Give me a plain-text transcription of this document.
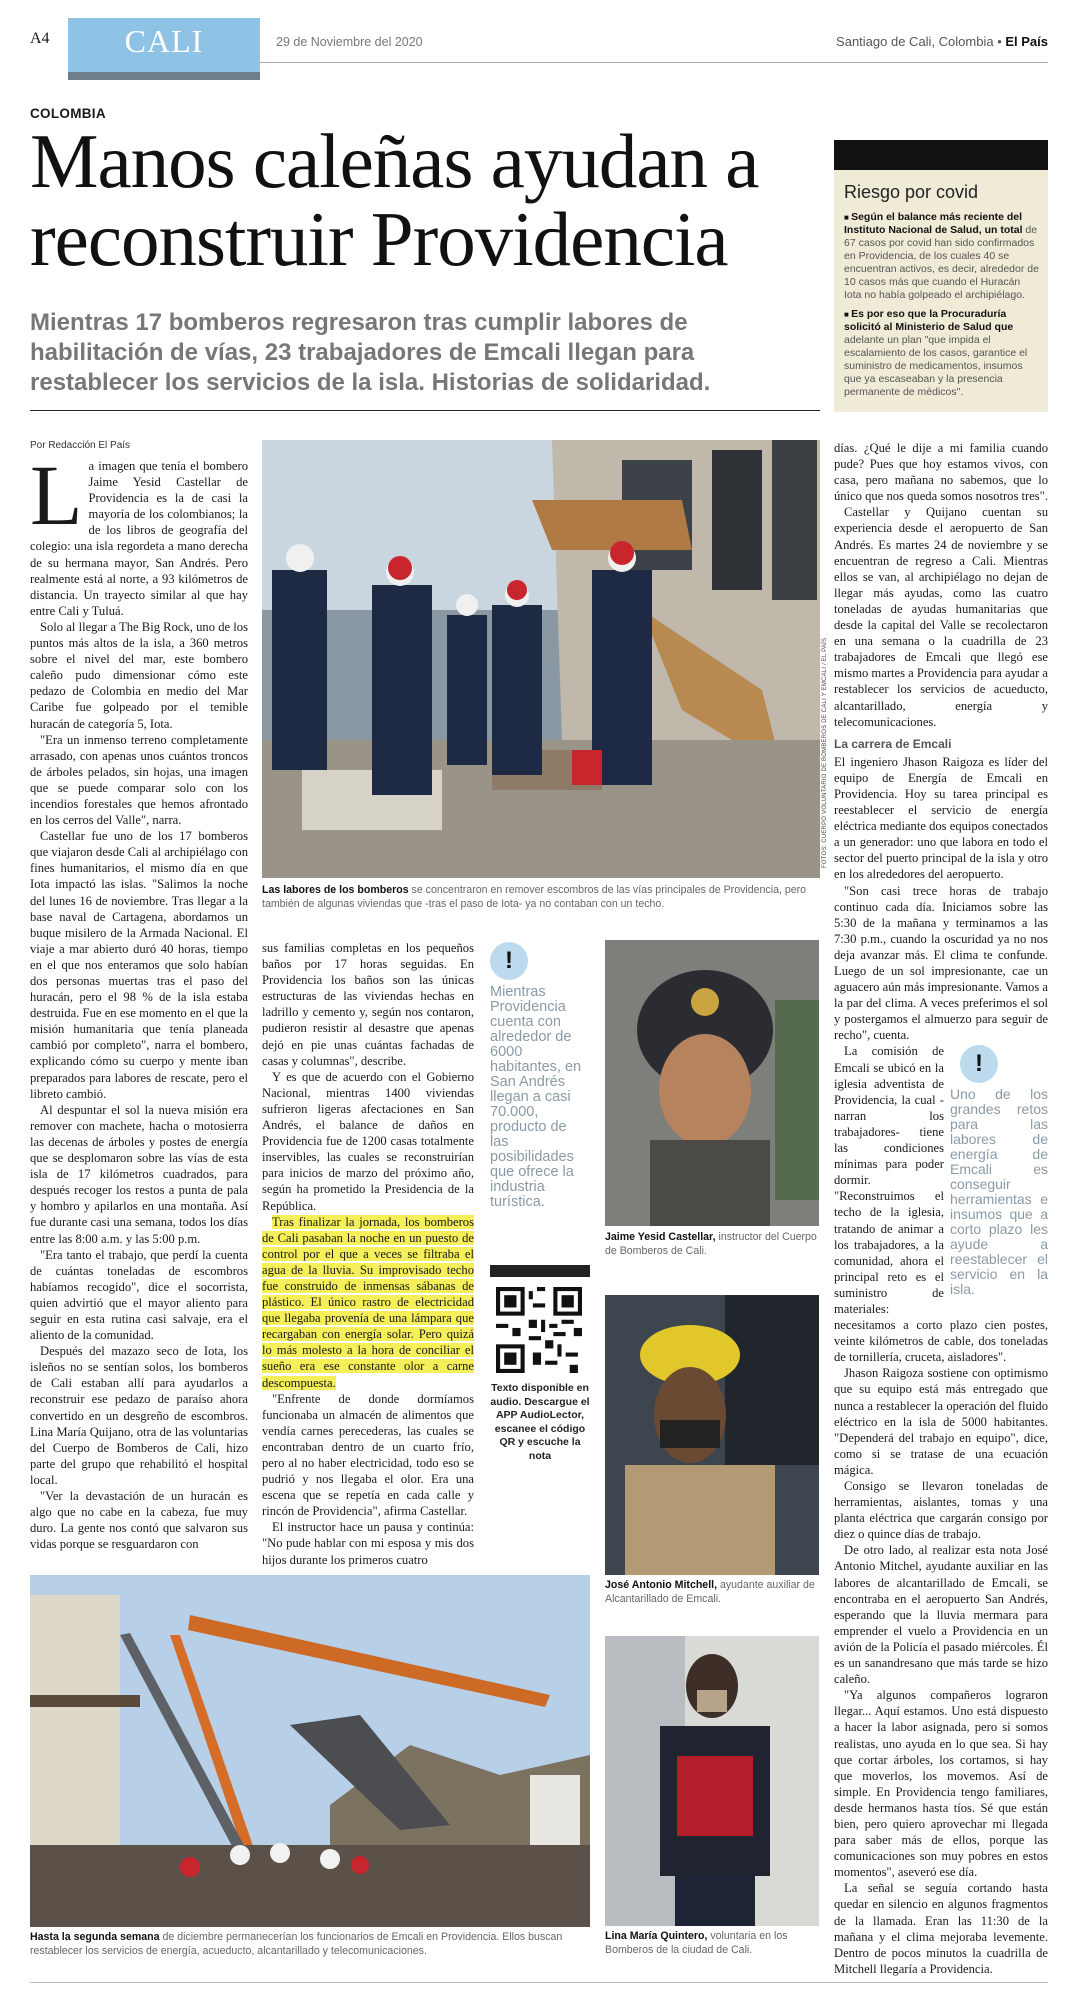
A4	CALI	29 de Noviembre del 2020	Santiago de Cali, Colombia • El País
COLOMBIA
Manos caleñas ayudan a reconstruir Providencia
Mientras 17 bomberos regresaron tras cumplir labores de habilitación de vías, 23 trabajadores de Emcali llegan para restablecer los servicios de la isla. Historias de solidaridad.
Riesgo por covid
■ Según el balance más reciente del Instituto Nacional de Salud, un total de 67 casos por covid han sido confirmados en Providencia, de los cuales 40 se encuentran activos, es decir, alrededor de 10 casos más que cuando el Huracán Iota no había golpeado el archipiélago.
■ Es por eso que la Procuraduría solicitó al Ministerio de Salud que adelante un plan "que impida el escalamiento de los casos, garantice el suministro de medicamentos, insumos que ya escaseaban y la presencia permanente de médicos".
Por Redacción El País
L a imagen que tenía el bombero Jaime Yesid Castellar de Providencia es la de casi la mayoría de los colombianos; la de los libros de geografía del colegio: una isla regordeta a mano derecha de su hermana mayor, San Andrés. Pero realmente está al norte, a 93 kilómetros de distancia. Un trayecto similar al que hay entre Cali y Tuluá.

Solo al llegar a The Big Rock, uno de los puntos más altos de la isla, a 360 metros sobre el nivel del mar, este bombero caleño pudo dimensionar cómo este pedazo de Colombia en medio del Mar Caribe fue golpeado por el temible huracán de categoría 5, Iota.

"Era un inmenso terreno completamente arrasado, con apenas unos cuántos troncos de árboles pelados, sin hojas, una imagen que se puede comparar solo con los incendios forestales que hemos afrontado en los cerros del Valle", narra.

Castellar fue uno de los 17 bomberos que viajaron desde Cali al archipiélago con fines humanitarios, el mismo día en que Iota impactó las islas. "Salimos la noche del lunes 16 de noviembre. Tras llegar a la base naval de Cartagena, abordamos un buque misilero de la Armada Nacional. El viaje a mar abierto duró 40 horas, tiempo en el que nos enteramos que solo habían dos personas muertas tras el paso del huracán, pero el 98 % de la isla estaba destruida. Fue en ese momento en el que la misión humanitaria que tenía planeada cambió por completo", narra el bombero, explicando cómo su cuerpo y mente iban preparados para labores de rescate, pero el libreto cambió.

Al despuntar el sol la nueva misión era remover con machete, hacha o motosierra las decenas de árboles y postes de energía que se desplomaron sobre las vías de esta isla de 17 kilómetros cuadrados, para después recoger los restos a punta de pala y hombro y apilarlos en una montaña. Así fue durante casi una semana, todos los días entre las 8:00 a.m. y las 5:00 p.m.

"Era tanto el trabajo, que perdí la cuenta de cuántas toneladas de escombros habíamos recogido", dice el socorrista, quien advirtió que el mayor aliento para seguir en esta rutina casi salvaje, era el aliento de la comunidad.

Después del mazazo seco de Iota, los isleños no se sentían solos, los bomberos de Cali estaban allí para ayudarlos a reconstruir ese pedazo de paraíso ahora convertido en un desgreño de escombros. Lina María Quijano, otra de las voluntarias del Cuerpo de Bomberos de Cali, hizo parte del grupo que rehabilitó el hospital local.

"Ver la devastación de un huracán es algo que no cabe en la cabeza, fue muy duro. La gente nos contó que salvaron sus vidas porque se resguardaron con

FOTOS: CUERPO VOLUNTARIO DE BOMBEROS DE CALI Y EMCALI / EL PAÍS
Las labores de los bomberos se concentraron en remover escombros de las vías principales de Providencia, pero también de algunas viviendas que -tras el paso de Iota- ya no contaban con un techo.

sus familias completas en los pequeños baños por 17 horas seguidas. En Providencia los baños son las únicas estructuras de las viviendas hechas en ladrillo y cemento y, según nos contaron, pudieron resistir al desastre que apenas dejó en pie unas cuántas fachadas de casas y columnas", describe.

Y es que de acuerdo con el Gobierno Nacional, mientras 1400 viviendas sufrieron ligeras afectaciones en San Andrés, el balance de daños en Providencia fue de 1200 casas totalmente inservibles, las cuales se reconstruirían para inicios de marzo del próximo año, según ha prometido la Presidencia de la República.

Tras finalizar la jornada, los bomberos de Cali pasaban la noche en un puesto de control por el que a veces se filtraba el agua de la lluvia. Su improvisado techo fue construido de inmensas sábanas de plástico. El único rastro de electricidad que llegaba provenía de una lámpara que recargaban con energía solar. Pero quizá lo más molesto a la hora de conciliar el sueño era ese constante olor a carne descompuesta.

"Enfrente de donde dormíamos funcionaba un almacén de alimentos que vendía carnes perecederas, las cuales se encontraban dentro de un cuarto frío, pero al no haber electricidad, todo eso se pudrió y nos llegaba el olor. Era una escena que se repetía en cada calle y rincón de Providencia", afirma Castellar.

El instructor hace un pausa y continúa: "No pude hablar con mi esposa y mis dos hijos durante los primeros cuatro

!
Mientras Providencia cuenta con alrededor de 6000 habitantes, en San Andrés llegan a casi 70.000, producto de las posibilidades que ofrece la industria turística.
Texto disponible en audio. Descargue el APP AudioLector, escanee el código QR y escuche la nota
Jaime Yesid Castellar, instructor del Cuerpo de Bomberos de Cali.
José Antonio Mitchell, ayudante auxiliar de Alcantarillado de Emcali.
Lina María Quintero, voluntaria en los Bomberos de la ciudad de Cali.
Hasta la segunda semana de diciembre permanecerían los funcionarios de Emcali en Providencia. Ellos buscan restablecer los servicios de energía, acueducto, alcantarillado y telecomunicaciones.

días. ¿Qué le dije a mi familia cuando pude? Pues que hoy estamos vivos, con casa, pero mañana no sabemos, que lo único que nos queda somos nosotros tres".

Castellar y Quijano cuentan su experiencia desde el aeropuerto de San Andrés. Es martes 24 de noviembre y se encuentran de regreso a Cali. Mientras ellos se van, al archipiélago no dejan de llegar más ayudas, como las cuatro toneladas de ayudas humanitarias que desde la capital del Valle se recolectaron en una semana o la cuadrilla de 23 trabajadores de Emcali que llegó ese mismo martes a Providencia para ayudar a restablecer los servicios de acueducto, alcantarillado, energía y telecomunicaciones.

La carrera de Emcali

El ingeniero Jhason Raigoza es líder del equipo de Energía de Emcali en Providencia. Hoy su tarea principal es reestablecer el servicio de energía eléctrica mediante dos equipos conectados a un generador: uno que labora en todo el sector del puerto principal de la isla y otro en los alrededores del aeropuerto.

"Son casi trece horas de trabajo continuo cada día. Iniciamos sobre las 5:30 de la mañana y terminamos a las 7:30 p.m., cuando la oscuridad ya no nos deja avanzar más. El clima te confunde. Luego de un sol impresionante, cae un aguacero aún más impresionante. Vamos a la par del clima. A veces preferimos el sol y postergamos el almuerzo para seguir de recho", cuenta.

!
Uno de los grandes retos para las labores de energía de Emcali es conseguir herramientas e insumos que a corto plazo les ayude a reestablecer el servicio en la isla.

La comisión de Emcali se ubicó en la iglesia adventista de Providencia, la cual -narran los trabajadores- tiene las condiciones mínimas para poder dormir. "Reconstruimos el techo de la iglesia, tratando de animar a los trabajadores, a la comunidad, ahora el principal reto es el suministro de materiales: necesitamos a corto plazo cien postes, veinte kilómetros de cable, dos toneladas de tornillería, cruceta, aisladores".

Jhason Raigoza sostiene con optimismo que su equipo está más entregado que nunca a restablecer la operación del fluido eléctrico en la isla de 5000 habitantes. "Dependerá del trabajo en equipo", dice, como si se tratase de una ecuación mágica.

Consigo se llevaron toneladas de herramientas, aislantes, tomas y una planta eléctrica que cargarán consigo por diez o quince días de trabajo.

De otro lado, al realizar esta nota José Antonio Mitchel, ayudante auxiliar en las labores de alcantarillado de Emcali, se encontraba en el aeropuerto San Andrés, esperando que la lluvia mermara para emprender el vuelo a Providencia en un avión de la Policía el pasado miércoles. Él es un sanandresano que más tarde se hizo caleño.

"Ya algunos compañeros lograron llegar... Aquí estamos. Uno está dispuesto a hacer la labor asignada, pero si somos realistas, uno ayuda en lo que sea. Si hay que cortar árboles, los cortamos, si hay que moverlos, los movemos. Así de simple. En Providencia tengo familiares, desde hermanos hasta tíos. Sé que están bien, pero quiero aprovechar mi llegada para saber más de ellos, porque las comunicaciones son muy pobres en estos momentos", aseveró ese día.

La señal se seguía cortando hasta quedar en silencio en algunos fragmentos de la llamada. Eran las 11:30 de la mañana y el clima mejoraba levemente. Dentro de pocos minutos la cuadrilla de Mitchell llegaría a Providencia.
